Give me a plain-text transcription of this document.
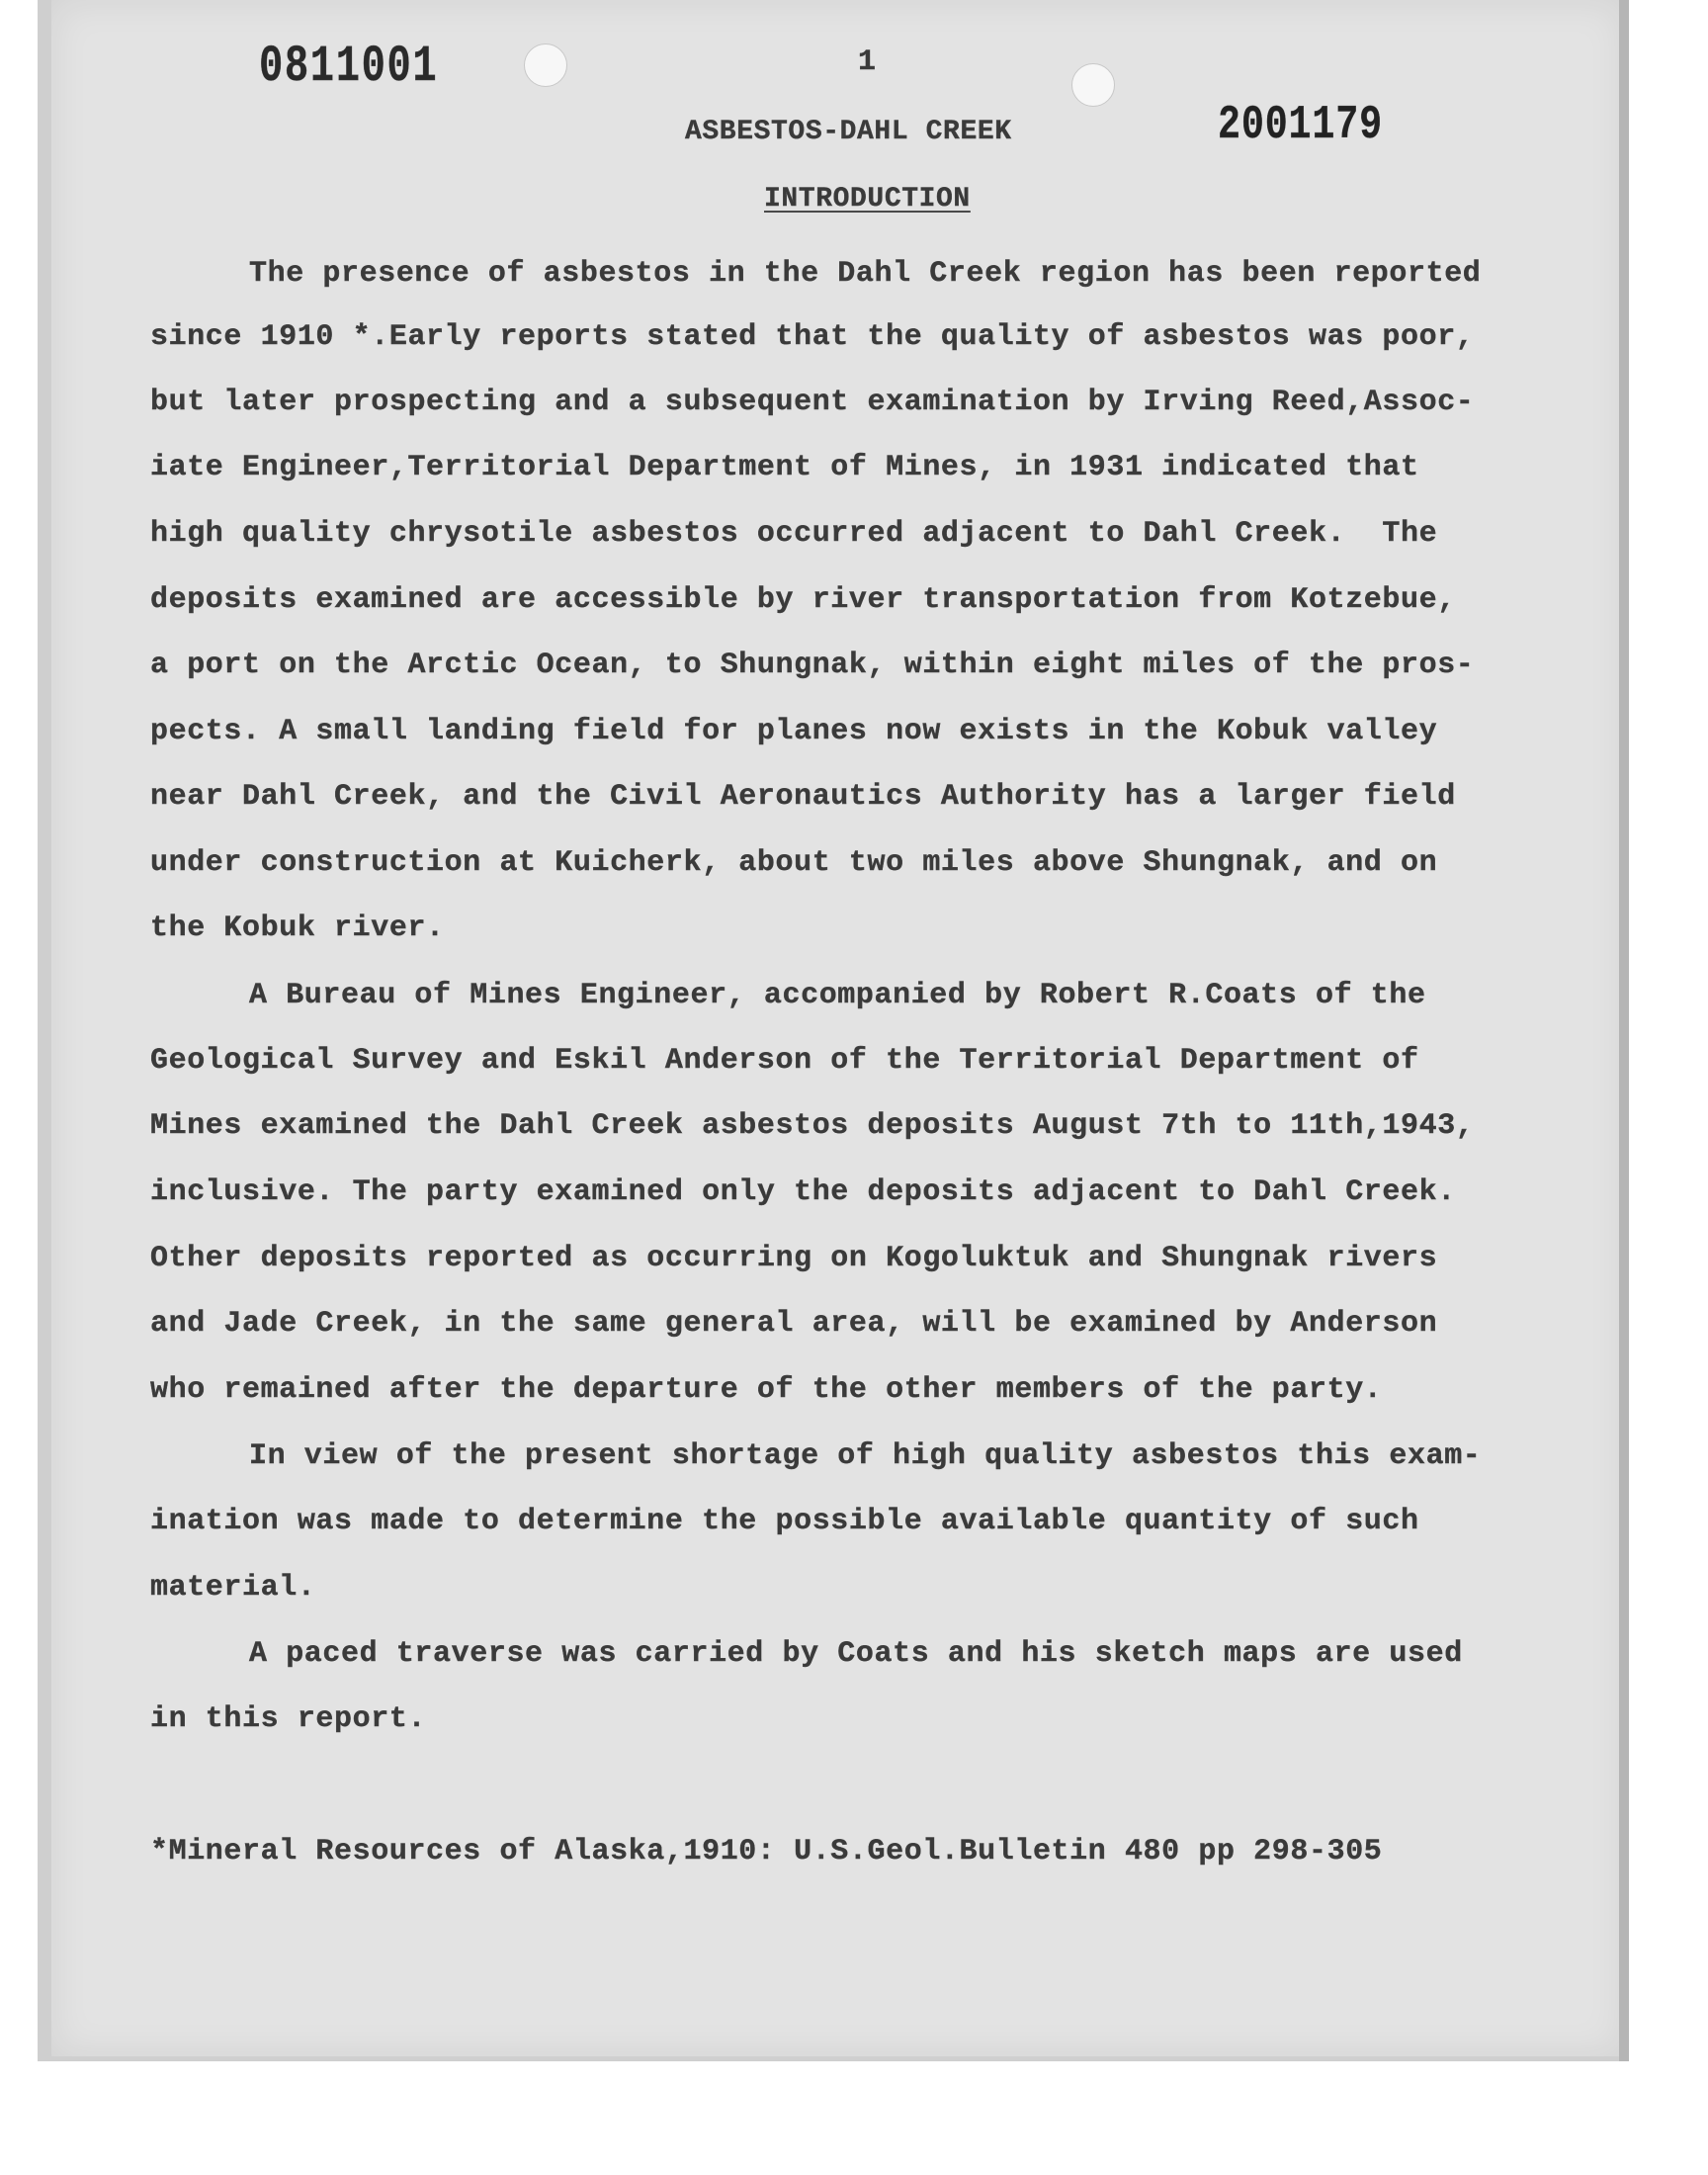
0811001
2001179
1
ASBESTOS-DAHL CREEK
INTRODUCTION
The presence of asbestos in the Dahl Creek region has been reported
since 1910 *.Early reports stated that the quality of asbestos was poor,
but later prospecting and a subsequent examination by Irving Reed,Assoc-
iate Engineer,Territorial Department of Mines, in 1931 indicated that
high quality chrysotile asbestos occurred adjacent to Dahl Creek.  The
deposits examined are accessible by river transportation from Kotzebue,
a port on the Arctic Ocean, to Shungnak, within eight miles of the pros-
pects. A small landing field for planes now exists in the Kobuk valley
near Dahl Creek, and the Civil Aeronautics Authority has a larger field
under construction at Kuicherk, about two miles above Shungnak, and on
the Kobuk river.
A Bureau of Mines Engineer, accompanied by Robert R.Coats of the
Geological Survey and Eskil Anderson of the Territorial Department of
Mines examined the Dahl Creek asbestos deposits August 7th to 11th,1943,
inclusive. The party examined only the deposits adjacent to Dahl Creek.
Other deposits reported as occurring on Kogoluktuk and Shungnak rivers
and Jade Creek, in the same general area, will be examined by Anderson
who remained after the departure of the other members of the party.
In view of the present shortage of high quality asbestos this exam-
ination was made to determine the possible available quantity of such
material.
A paced traverse was carried by Coats and his sketch maps are used
in this report.
*Mineral Resources of Alaska,1910: U.S.Geol.Bulletin 480 pp 298-305
